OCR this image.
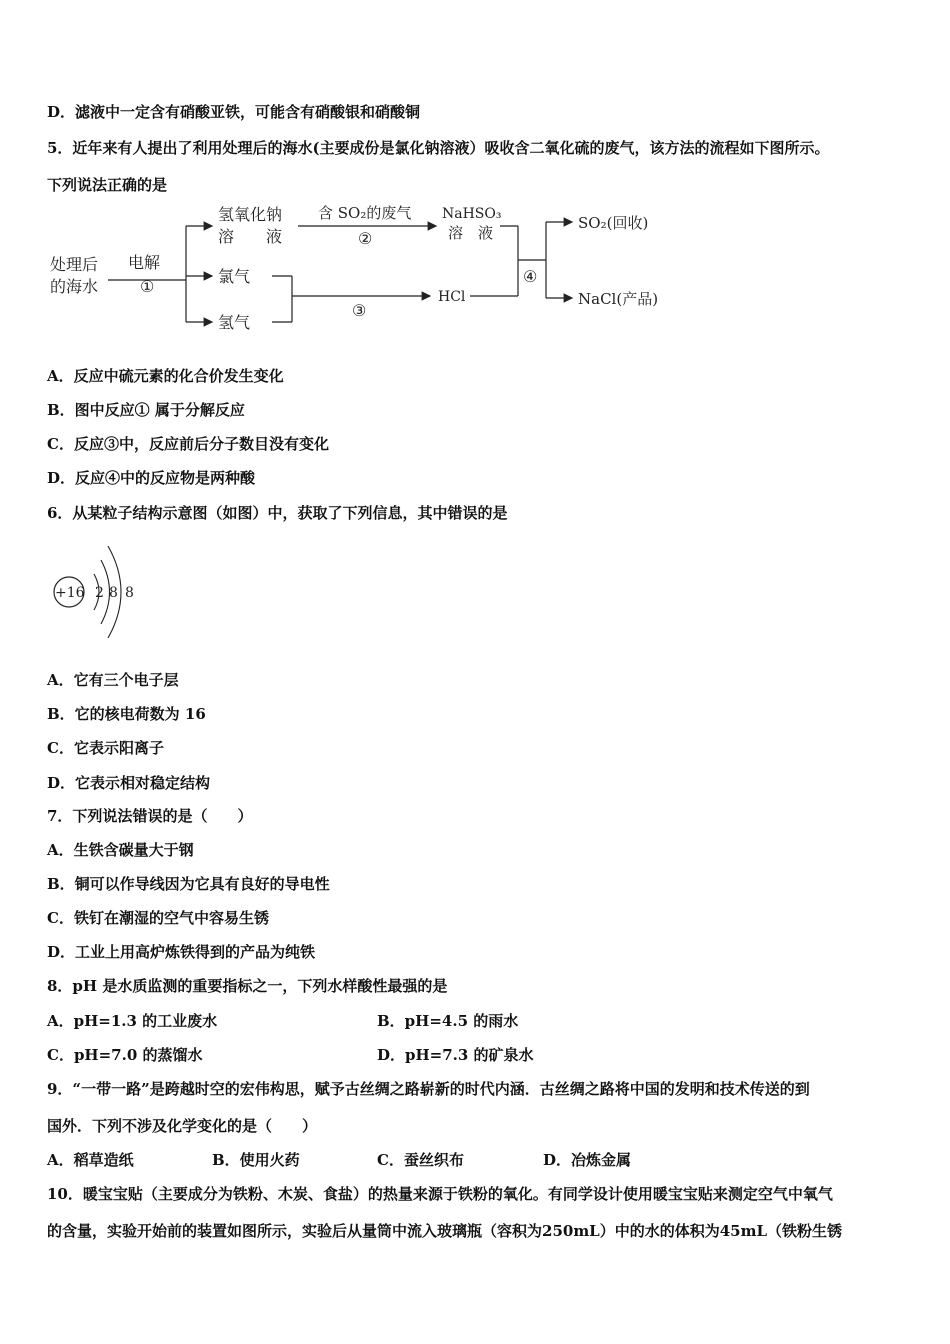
D．滤液中一定含有硝酸亚铁，可能含有硝酸银和硝酸铜
5．近年来有人提出了利用处理后的海水(主要成份是氯化钠溶液）吸收含二氧化硫的废气，该方法的流程如下图所示。
下列说法正确的是
处理后
的海水
电解
①
氢氧化钠
溶　　液
含 SO₂的废气
②
NaHSO₃
溶　液
氯气
氢气
③
HCl
④
SO₂(回收)
NaCl(产品)
A．反应中硫元素的化合价发生变化
B．图中反应① 属于分解反应
C．反应③中，反应前后分子数目没有变化
D．反应④中的反应物是两种酸
6．从某粒子结构示意图（如图）中，获取了下列信息，其中错误的是
+16 2 8 8
A．它有三个电子层
B．它的核电荷数为 16
C．它表示阳离子
D．它表示相对稳定结构
7．下列说法错误的是（　　）
A．生铁含碳量大于钢
B．铜可以作导线因为它具有良好的导电性
C．铁钉在潮湿的空气中容易生锈
D．工业上用高炉炼铁得到的产品为纯铁
8．pH 是水质监测的重要指标之一，下列水样酸性最强的是
A．pH=1.3 的工业废水	B．pH=4.5 的雨水
C．pH=7.0 的蒸馏水	D．pH=7.3 的矿泉水
9．“一带一路”是跨越时空的宏伟构思，赋予古丝绸之路崭新的时代内涵．古丝绸之路将中国的发明和技术传送的到
国外．下列不涉及化学变化的是（　　）
A．稻草造纸	B．使用火药	C．蚕丝织布	D．冶炼金属
10．暖宝宝贴（主要成分为铁粉、木炭、食盐）的热量来源于铁粉的氧化。有同学设计使用暖宝宝贴来测定空气中氧气
的含量，实验开始前的装置如图所示，实验后从量筒中流入玻璃瓶（容积为250mL）中的水的体积为45mL（铁粉生锈
